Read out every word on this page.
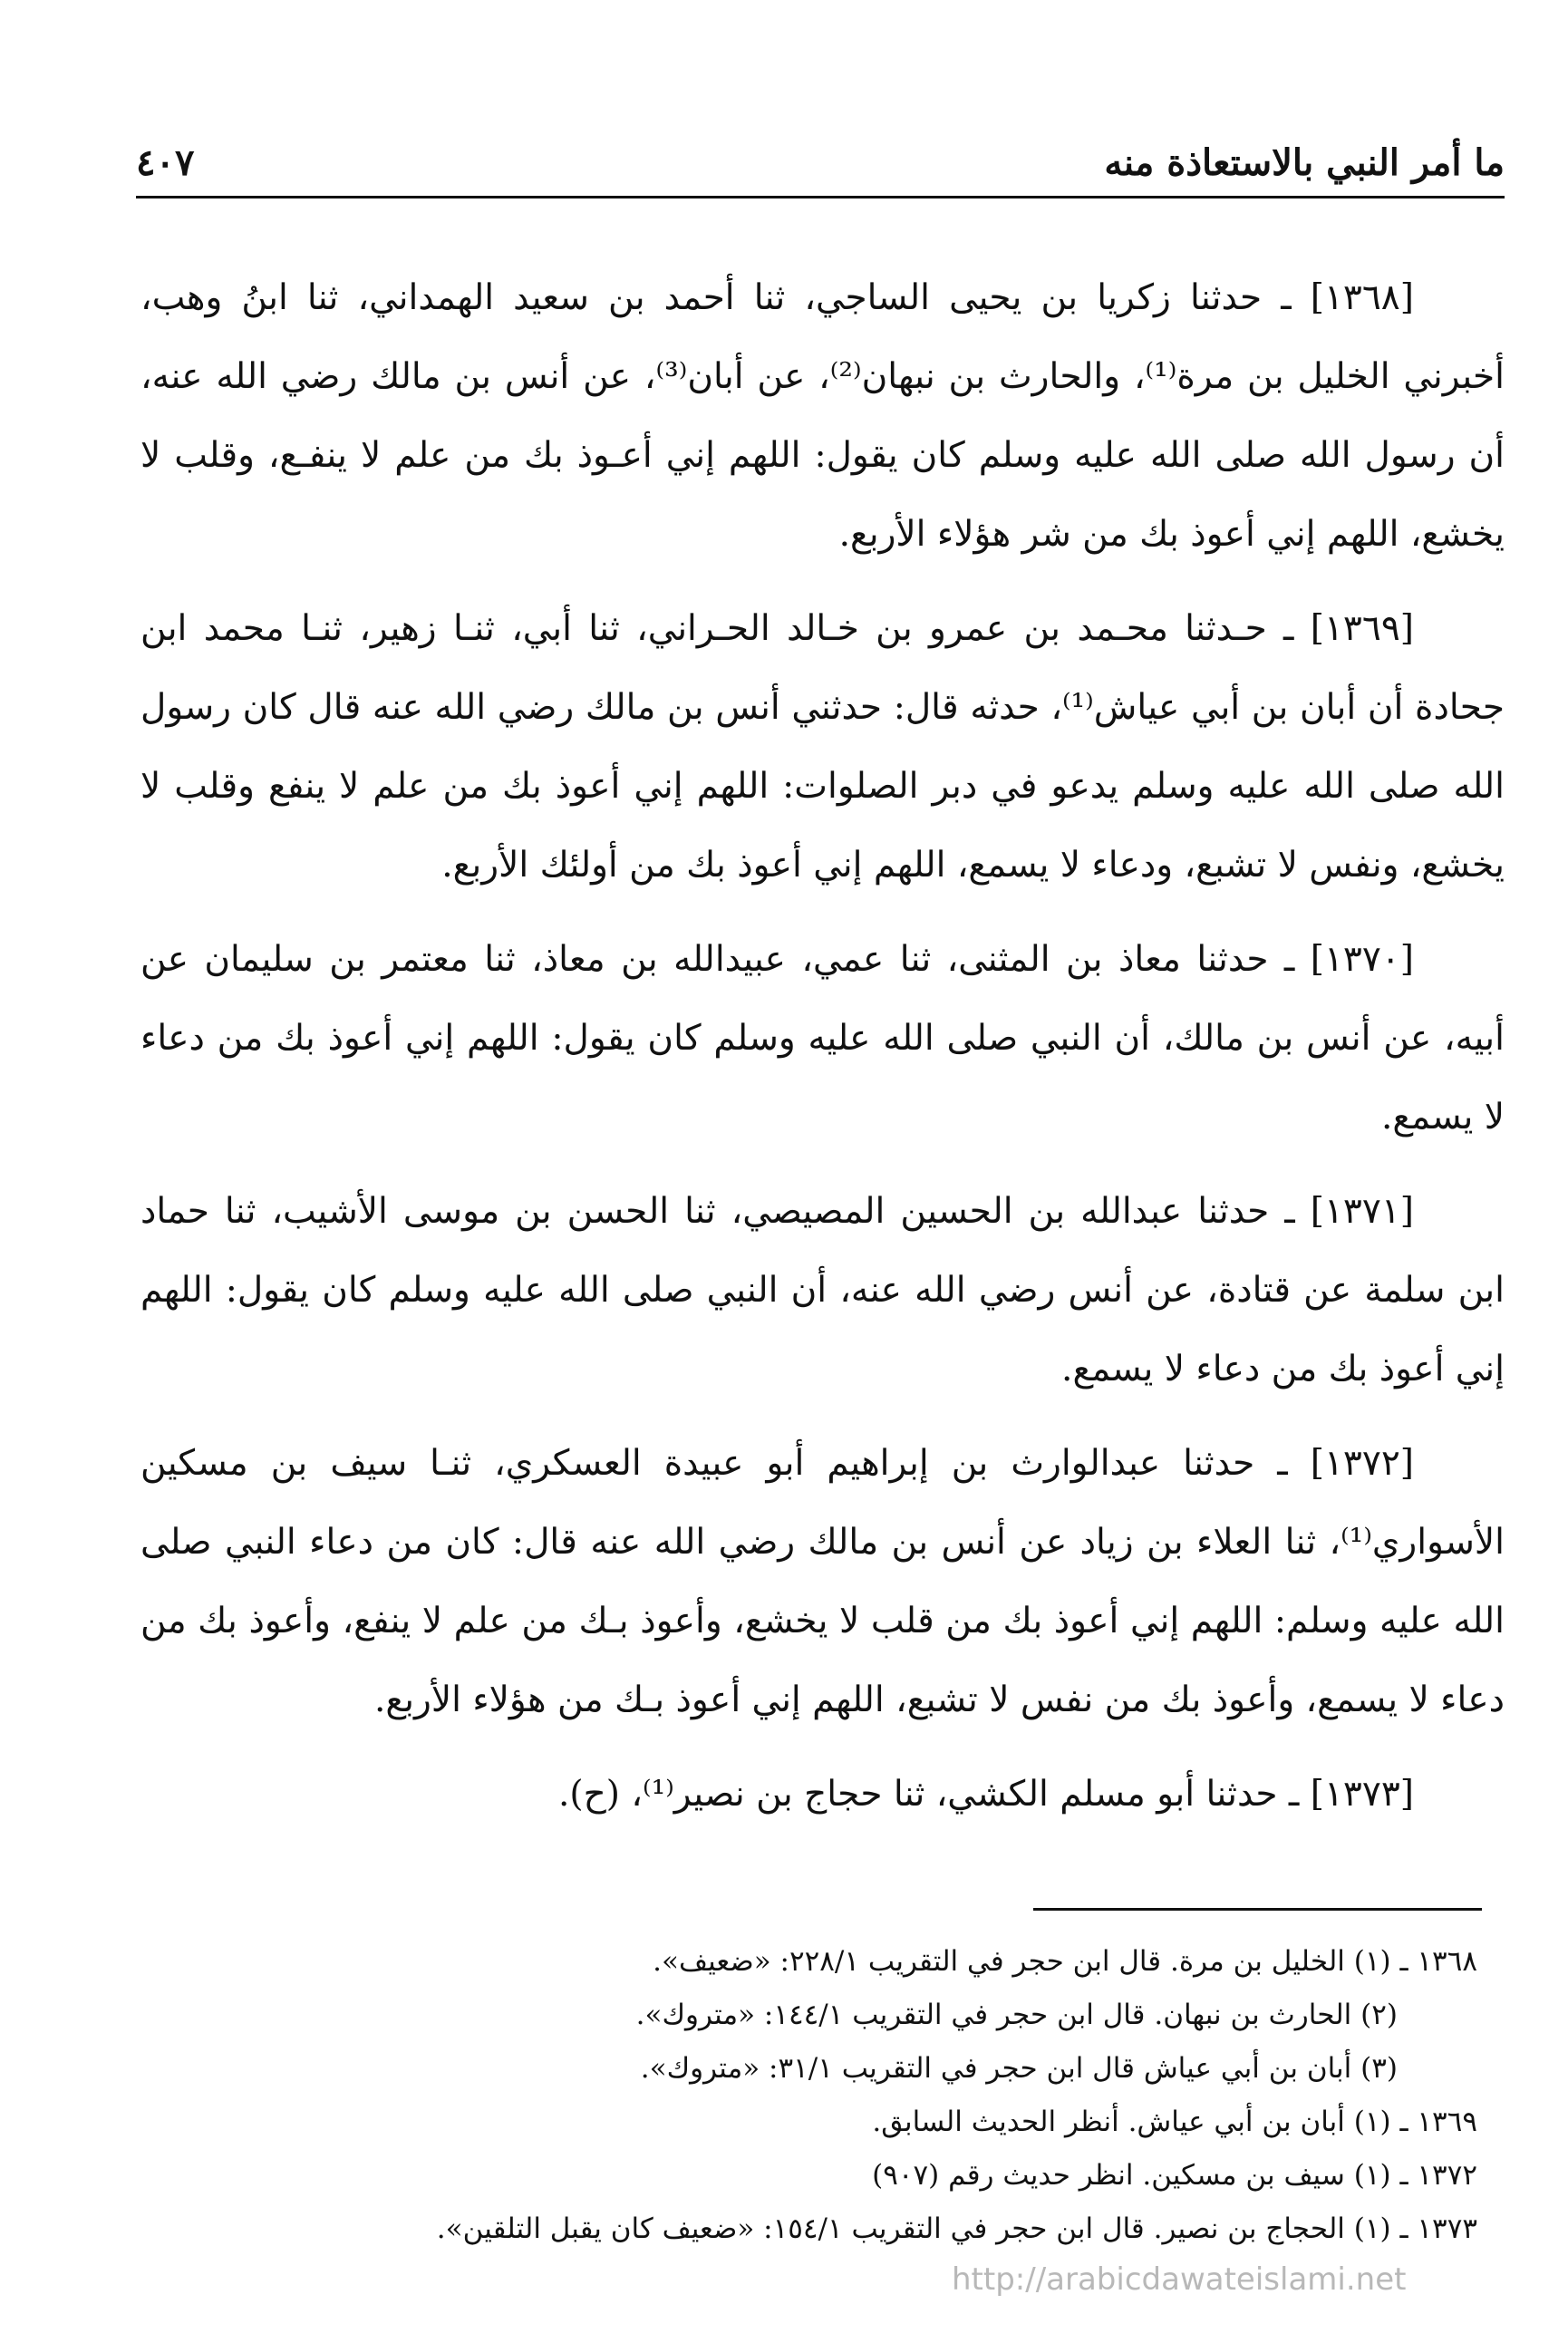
ما أمر النبي بالاستعاذة منه
٤٠٧

[١٣٦٨] ـ حدثنا زكريا بن يحيى الساجي، ثنا أحمد بن سعيد الهمداني، ثنا ابنُ وهب، أخبرني الخليل بن مرة⁽¹⁾، والحارث بن نبهان⁽²⁾، عن أبان⁽³⁾، عن أنس بن مالك رضي الله عنه، أن رسول الله صلى الله عليه وسلم كان يقول: اللهم إني أعـوذ بك من علم لا ينفـع، وقلب لا يخشع، اللهم إني أعوذ بك من شر هؤلاء الأربع.

[١٣٦٩] ـ حـدثنا محـمد بن عمرو بن خـالد الحـراني، ثنا أبي، ثنـا زهير، ثنـا محمد ابن جحادة أن أبان بن أبي عياش⁽¹⁾، حدثه قال: حدثني أنس بن مالك رضي الله عنه قال كان رسول الله صلى الله عليه وسلم يدعو في دبر الصلوات: اللهم إني أعوذ بك من علم لا ينفع وقلب لا يخشع، ونفس لا تشبع، ودعاء لا يسمع، اللهم إني أعوذ بك من أولئك الأربع.

[١٣٧٠] ـ حدثنا معاذ بن المثنى، ثنا عمي، عبيدالله بن معاذ، ثنا معتمر بن سليمان عن أبيه، عن أنس بن مالك، أن النبي صلى الله عليه وسلم كان يقول: اللهم إني أعوذ بك من دعاء لا يسمع.

[١٣٧١] ـ حدثنا عبدالله بن الحسين المصيصي، ثنا الحسن بن موسى الأشيب، ثنا حماد ابن سلمة عن قتادة، عن أنس رضي الله عنه، أن النبي صلى الله عليه وسلم كان يقول: اللهم إني أعوذ بك من دعاء لا يسمع.

[١٣٧٢] ـ حدثنا عبدالوارث بن إبراهيم أبو عبيدة العسكري، ثنـا سيف بن مسكين الأسواري⁽¹⁾، ثنا العلاء بن زياد عن أنس بن مالك رضي الله عنه قال: كان من دعاء النبي صلى الله عليه وسلم: اللهم إني أعوذ بك من قلب لا يخشع، وأعوذ بـك من علم لا ينفع، وأعوذ بك من دعاء لا يسمع، وأعوذ بك من نفس لا تشبع، اللهم إني أعوذ بـك من هؤلاء الأربع.

[١٣٧٣] ـ حدثنا أبو مسلم الكشي، ثنا حجاج بن نصير⁽¹⁾، (ح).

١٣٦٨ ـ (١) الخليل بن مرة. قال ابن حجر في التقريب ٢٢٨/١: «ضعيف».
(٢) الحارث بن نبهان. قال ابن حجر في التقريب ١٤٤/١: «متروك».
(٣) أبان بن أبي عياش قال ابن حجر في التقريب ٣١/١: «متروك».
١٣٦٩ ـ (١) أبان بن أبي عياش. أنظر الحديث السابق.
١٣٧٢ ـ (١) سيف بن مسكين. انظر حديث رقم (٩٠٧)
١٣٧٣ ـ (١) الحجاج بن نصير. قال ابن حجر في التقريب ١٥٤/١: «ضعيف كان يقبل التلقين».
http://arabicdawateislami.net
